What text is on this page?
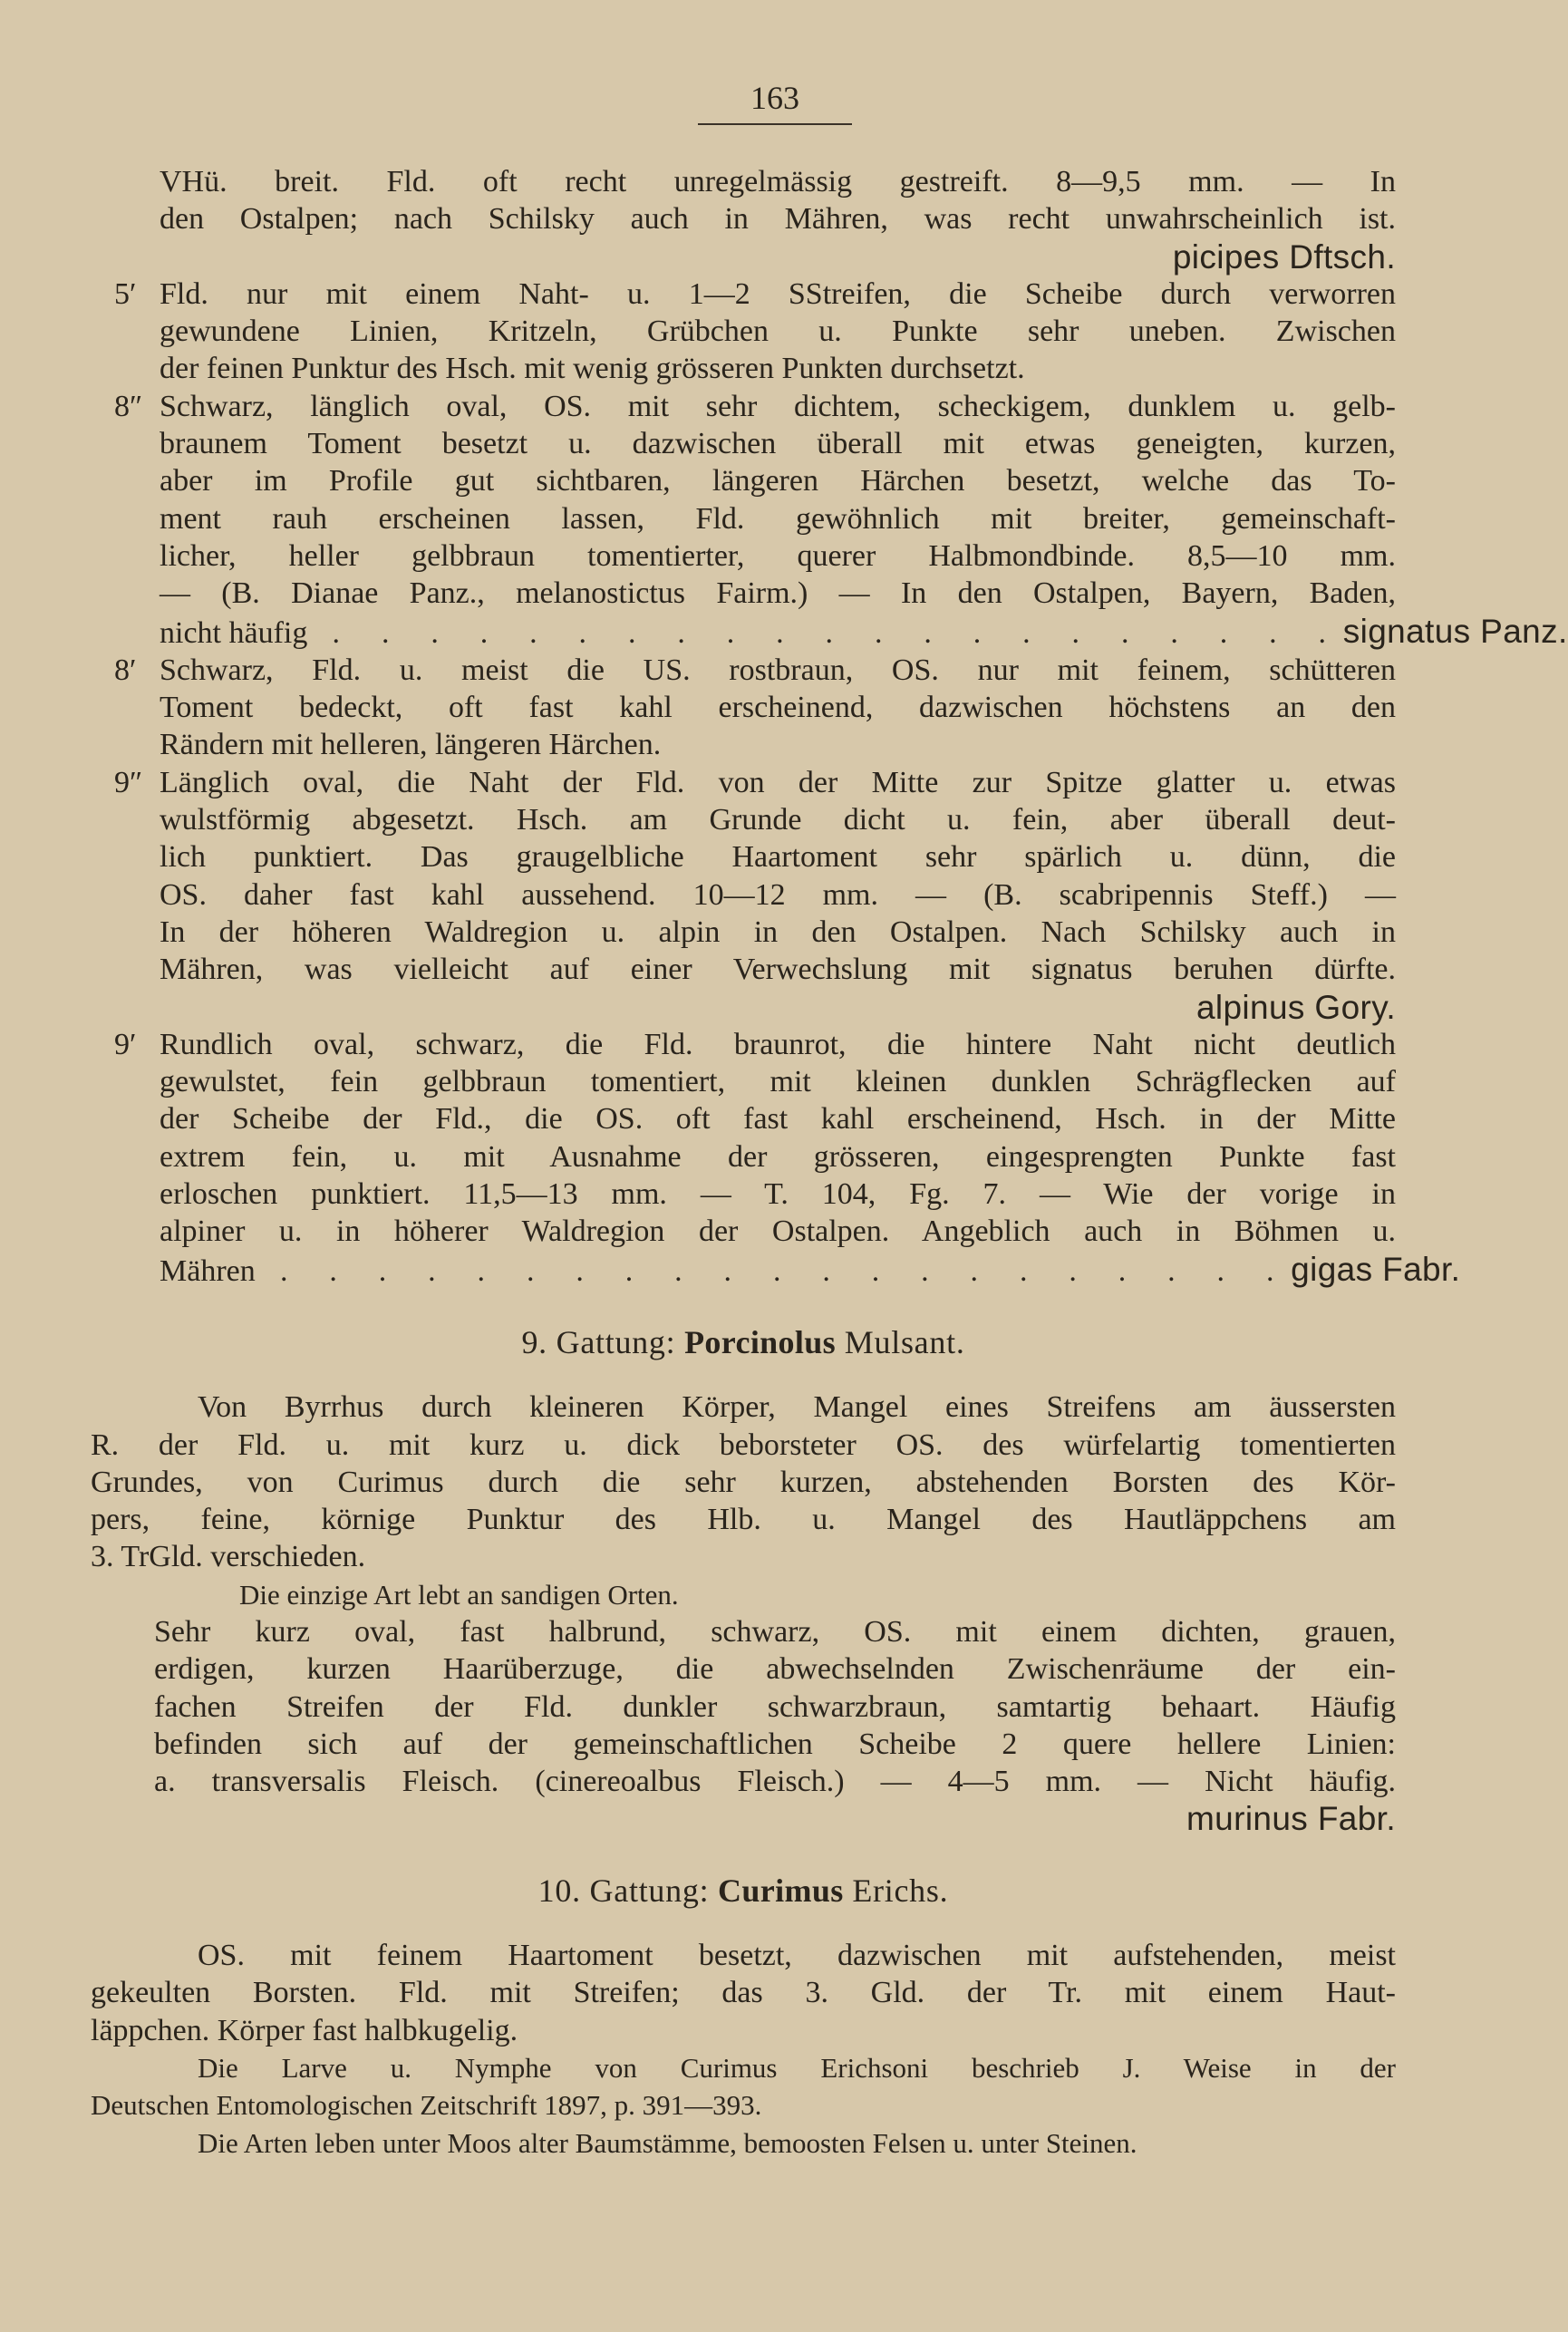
163
VHü. breit. Fld. oft recht unregelmässig gestreift. 8—9,5 mm. — In
den Ostalpen; nach Schilsky auch in Mähren, was recht unwahrscheinlich ist.
picipes Dftsch.
5′ Fld. nur mit einem Naht- u. 1—2 SStreifen, die Scheibe durch verworren
gewundene Linien, Kritzeln, Grübchen u. Punkte sehr uneben. Zwischen
der feinen Punktur des Hsch. mit wenig grösseren Punkten durchsetzt.
8″ Schwarz, länglich oval, OS. mit sehr dichtem, scheckigem, dunklem u. gelb-
braunem Toment besetzt u. dazwischen überall mit etwas geneigten, kurzen,
aber im Profile gut sichtbaren, längeren Härchen besetzt, welche das To-
ment rauh erscheinen lassen, Fld. gewöhnlich mit breiter, gemeinschaft-
licher, heller gelbbraun tomentierter, querer Halbmondbinde. 8,5—10 mm.
— (B. Dianae Panz., melanostictus Fairm.) — In den Ostalpen, Bayern, Baden,
nicht häufig . . . . . . . . . . . . . . . . . . . . .signatus Panz.
8′ Schwarz, Fld. u. meist die US. rostbraun, OS. nur mit feinem, schütteren
Toment bedeckt, oft fast kahl erscheinend, dazwischen höchstens an den
Rändern mit helleren, längeren Härchen.
9″ Länglich oval, die Naht der Fld. von der Mitte zur Spitze glatter u. etwas
wulstförmig abgesetzt. Hsch. am Grunde dicht u. fein, aber überall deut-
lich punktiert. Das graugelbliche Haartoment sehr spärlich u. dünn, die
OS. daher fast kahl aussehend. 10—12 mm. — (B. scabripennis Steff.) —
In der höheren Waldregion u. alpin in den Ostalpen. Nach Schilsky auch in
Mähren, was vielleicht auf einer Verwechslung mit signatus beruhen dürfte.
alpinus Gory.
9′ Rundlich oval, schwarz, die Fld. braunrot, die hintere Naht nicht deutlich
gewulstet, fein gelbbraun tomentiert, mit kleinen dunklen Schrägflecken auf
der Scheibe der Fld., die OS. oft fast kahl erscheinend, Hsch. in der Mitte
extrem fein, u. mit Ausnahme der grösseren, eingesprengten Punkte fast
erloschen punktiert. 11,5—13 mm. — T. 104, Fg. 7. — Wie der vorige in
alpiner u. in höherer Waldregion der Ostalpen. Angeblich auch in Böhmen u.
Mähren . . . . . . . . . . . . . . . . . . . . .gigas Fabr.
9. Gattung: Porcinolus Mulsant.
Von Byrrhus durch kleineren Körper, Mangel eines Streifens am äussersten
R. der Fld. u. mit kurz u. dick beborsteter OS. des würfelartig tomentierten
Grundes, von Curimus durch die sehr kurzen, abstehenden Borsten des Kör-
pers, feine, körnige Punktur des Hlb. u. Mangel des Hautläppchens am
3. TrGld. verschieden.
Die einzige Art lebt an sandigen Orten.
Sehr kurz oval, fast halbrund, schwarz, OS. mit einem dichten, grauen,
erdigen, kurzen Haarüberzuge, die abwechselnden Zwischenräume der ein-
fachen Streifen der Fld. dunkler schwarzbraun, samtartig behaart. Häufig
befinden sich auf der gemeinschaftlichen Scheibe 2 quere hellere Linien:
a. transversalis Fleisch. (cinereoalbus Fleisch.) — 4—5 mm. — Nicht häufig.
murinus Fabr.
10. Gattung: Curimus Erichs.
OS. mit feinem Haartoment besetzt, dazwischen mit aufstehenden, meist
gekeulten Borsten. Fld. mit Streifen; das 3. Gld. der Tr. mit einem Haut-
läppchen. Körper fast halbkugelig.
Die Larve u. Nymphe von Curimus Erichsoni beschrieb J. Weise in der
Deutschen Entomologischen Zeitschrift 1897, p. 391—393.
Die Arten leben unter Moos alter Baumstämme, bemoosten Felsen u. unter Steinen.
